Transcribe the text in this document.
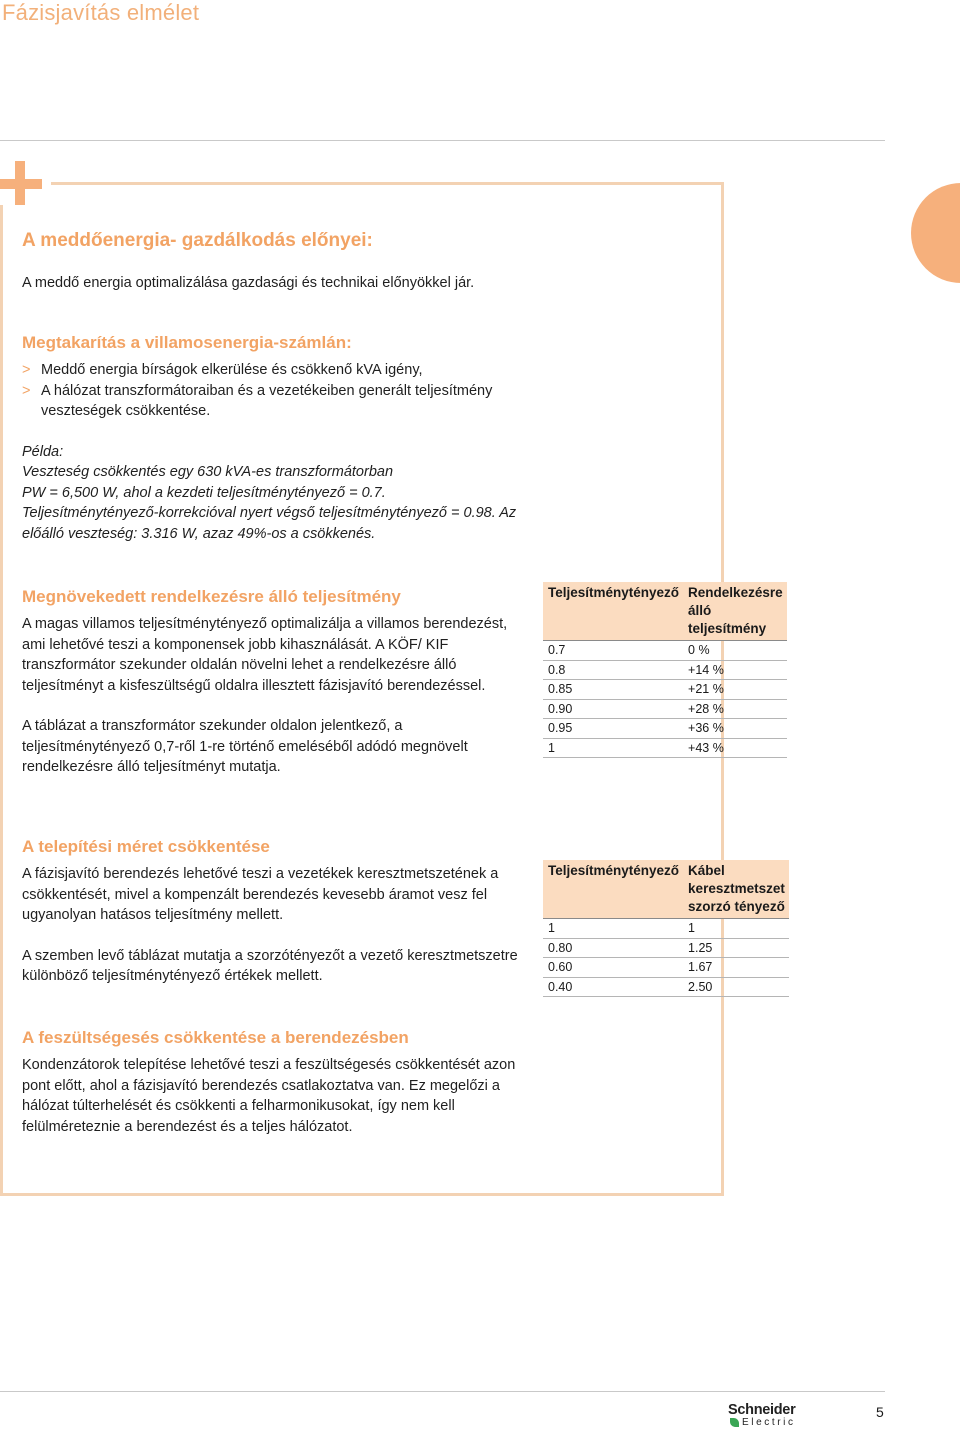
Fázisjavítás elmélet
A meddőenergia- gazdálkodás előnyei:

A meddő energia optimalizálása gazdasági és technikai előnyökkel jár.

Megtakarítás a villamosenergia-számlán:

> Meddő energia bírságok elkerülése és csökkenő kVA igény,

> A hálózat transzformátoraiban és a vezetékeiben generált teljesítmény veszteségek csökkentése.

Példa:

Veszteség csökkentés egy 630 kVA-es transzformátorban

PW = 6,500 W, ahol a kezdeti teljesítménytényező = 0.7.

Teljesítménytényező-korrekcióval nyert végső teljesítménytényező = 0.98. Az előálló veszteség: 3.316 W, azaz 49%-os a csökkenés.

Megnövekedett rendelkezésre álló teljesítmény

A magas villamos teljesítménytényező optimalizálja a villamos berendezést, ami lehetővé teszi a komponensek jobb kihasználását. A KÖF/ KIF transzformátor szekunder oldalán növelni lehet a rendelkezésre álló teljesítményt a kisfeszültségű oldalra illesztett fázisjavító berendezéssel.

A táblázat a transzformátor szekunder oldalon jelentkező, a teljesítménytényező 0,7-ről 1-re történő emeléséből adódó megnövelt rendelkezésre álló teljesítményt mutatja.

Teljesítménytényező	Rendelkezésre álló teljesítmény
0.7	0 %
0.8	+14 %
0.85	+21 %
0.90	+28 %
0.95	+36 %
1	+43 %
A telepítési méret csökkentése

A fázisjavító berendezés lehetővé teszi a vezetékek keresztmetszetének a csökkentését, mivel a kompenzált berendezés kevesebb áramot vesz fel ugyanolyan hatásos teljesítmény mellett.

A szemben levő táblázat mutatja a szorzótényezőt a vezető keresztmetszetre különböző teljesítménytényező értékek mellett.

Teljesítménytényező	Kábel keresztmetszet szorzó tényező
1	1
0.80	1.25
0.60	1.67
0.40	2.50
A feszültségesés csökkentése a berendezésben

Kondenzátorok telepítése lehetővé teszi a feszültségesés csökkentését azon pont előtt, ahol a fázisjavító berendezés csatlakoztatva van. Ez megelőzi a hálózat túlterhelését és csökkenti a felharmonikusokat, így nem kell felülméreteznie a berendezést és a teljes hálózatot.

Schneider
Electric
5
